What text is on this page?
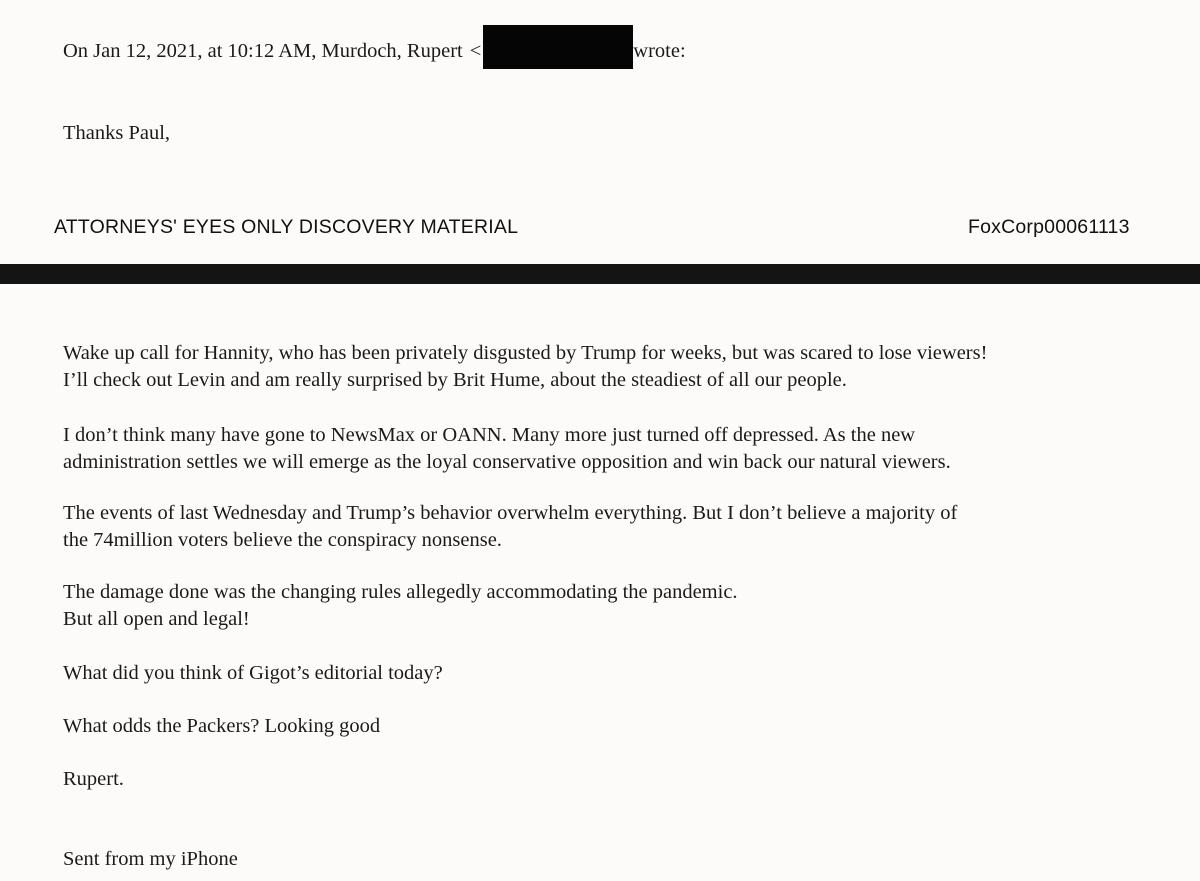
On Jan 12, 2021, at 10:12 AM, Murdoch, Rupert <	wrote:
Thanks Paul,
ATTORNEYS' EYES ONLY DISCOVERY MATERIAL	FoxCorp00061113
Wake up call for Hannity, who has been privately disgusted by Trump for weeks, but was scared to lose viewers!
I’ll check out Levin and am really surprised by Brit Hume, about the steadiest of all our people.
I don’t think many have gone to NewsMax or OANN. Many more just turned off depressed. As the new
administration settles we will emerge as the loyal conservative opposition and win back our natural viewers.
The events of last Wednesday and Trump’s behavior overwhelm everything. But I don’t believe a majority of
the 74million voters believe the conspiracy nonsense.
The damage done was the changing rules allegedly accommodating the pandemic.
But all open and legal!
What did you think of Gigot’s editorial today?
What odds the Packers? Looking good
Rupert.
Sent from my iPhone
